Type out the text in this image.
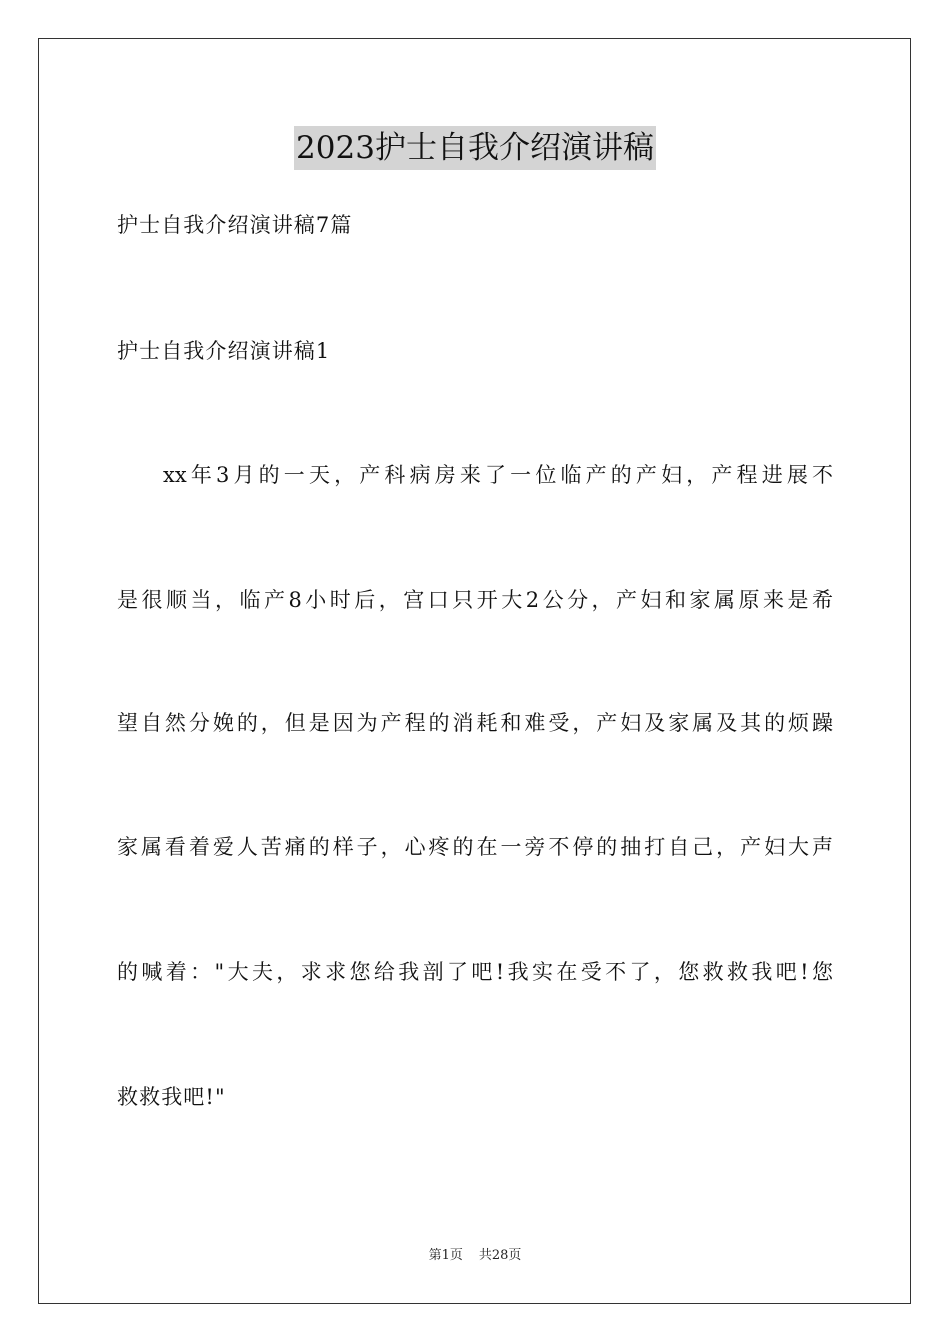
2023护士自我介绍演讲稿
护士自我介绍演讲稿7篇
护士自我介绍演讲稿1
xx年3月的一天，产科病房来了一位临产的产妇，产程进展不
是很顺当，临产8小时后，宫口只开大2公分，产妇和家属原来是希
望自然分娩的，但是因为产程的消耗和难受，产妇及家属及其的烦躁
家属看着爱人苦痛的样子，心疼的在一旁不停的抽打自己，产妇大声
的喊着："大夫，求求您给我剖了吧!我实在受不了，您救救我吧!您
救救我吧!"
第1页 共28页
